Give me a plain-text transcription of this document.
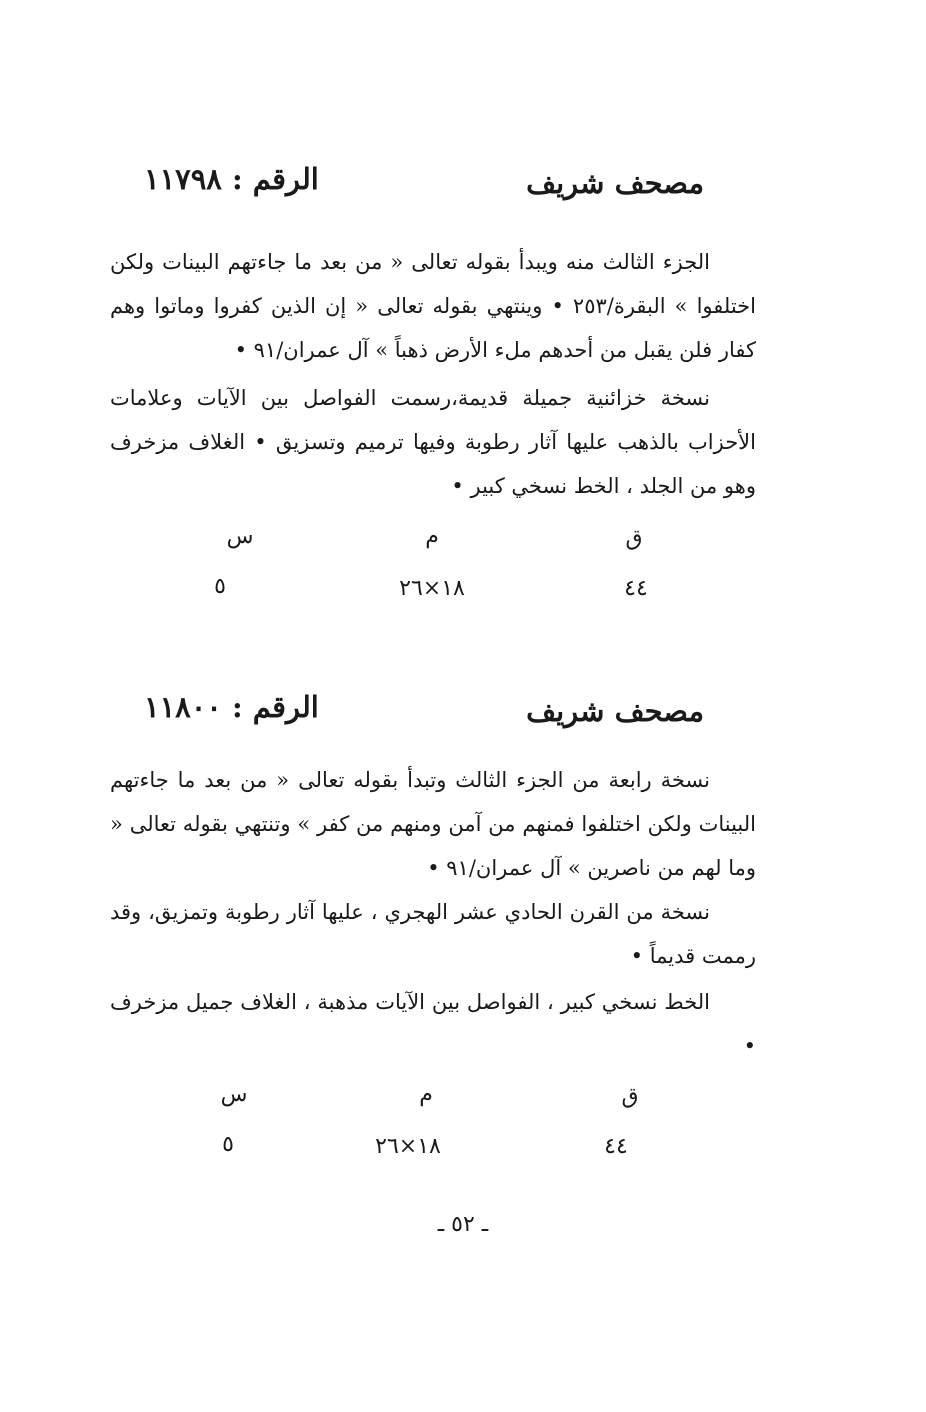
مصحف شريف
الرقم : ١١٧٩٨

الجزء الثالث منه ويبدأ بقوله تعالى « من بعد ما جاءتهم البينات ولكن اختلفوا » البقرة/٢٥٣ • وينتهي بقوله تعالى « إن الذين كفروا وماتوا وهم كفار فلن يقبل من أحدهم ملء الأرض ذهباً » آل عمران/٩١ •

نسخة خزائنية جميلة قديمة،رسمت الفواصل بين الآيات وعلامات الأحزاب بالذهب عليها آثار رطوبة وفيها ترميم وتسزيق • الغلاف مزخرف وهو من الجلد ، الخط نسخي كبير •

ق
م
س
٤٤
١٨×٢٦
٥
مصحف شريف
الرقم : ١١٨٠٠

نسخة رابعة من الجزء الثالث وتبدأ بقوله تعالى « من بعد ما جاءتهم البينات ولكن اختلفوا فمنهم من آمن ومنهم من كفر » وتنتهي بقوله تعالى « وما لهم من ناصرين » آل عمران/٩١ •

نسخة من القرن الحادي عشر الهجري ، عليها آثار رطوبة وتمزيق، وقد رممت قديماً •

الخط نسخي كبير ، الفواصل بين الآيات مذهبة ، الغلاف جميل مزخرف •

ق
م
س
٤٤
١٨×٢٦
٥
ـ ٥٢ ـ
